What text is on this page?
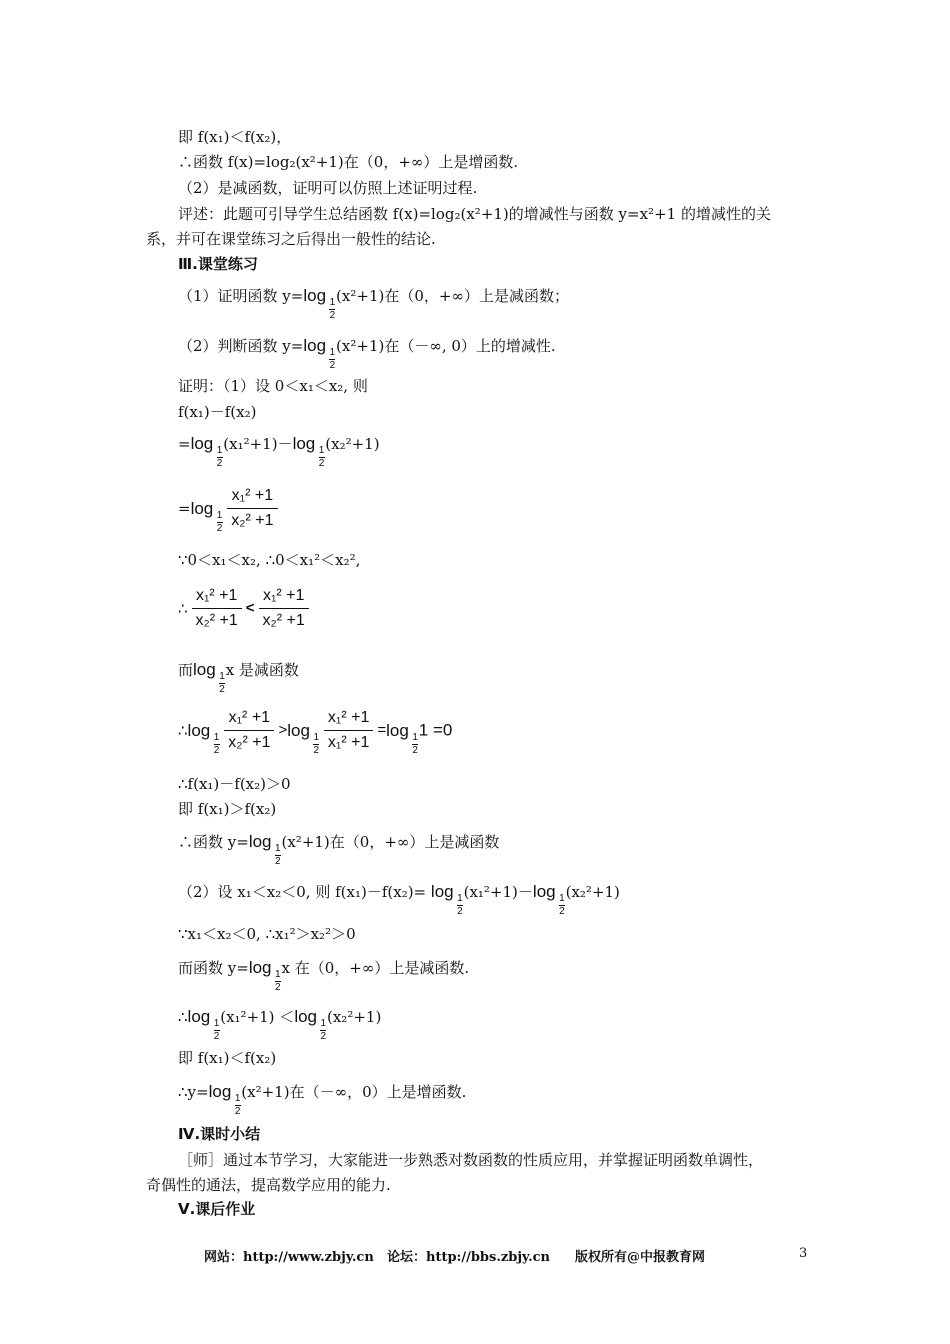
即 f(x₁)＜f(x₂)，
∴函数 f(x)=log₂(x²+1)在（0，+∞）上是增函数.
（2）是减函数，证明可以仿照上述证明过程.
评述：此题可引导学生总结函数 f(x)=log₂(x²+1)的增减性与函数 y=x²+1 的增减性的关
系，并可在课堂练习之后得出一般性的结论.
Ⅲ.课堂练习
（1）证明函数 y=log 1
2
(x²+1)在（0，+∞）上是减函数；
（2）判断函数 y=log 1
2
(x²+1)在（－∞, 0）上的增减性.
证明：（1）设 0＜x₁＜x₂, 则
f(x₁)－f(x₂)
=log 1
2
(x₁²+1)－log 1
2
(x₂²+1)
=log 1
$2 \frac{\text{x₁² +1}}{\text{x₂² +1}}$
∵0＜x₁＜x₂, ∴0＜x₁²＜x₂²,
∴ $\frac{\text{x₁² +1}}{\text{x₂² +1}} < \frac{\text{x₁² +1}}{\text{x₂² +1}}$
而log 1
2
x 是减函数
∴log 1
$2 \frac{\text{x₁² +1}}{\text{x₂² +1}} >\log$ 1
$2 \frac{\text{x₁² +1}}{\text{x₁² +1}} =\log$ 1
2
1 =0
∴f(x₁)－f(x₂)＞0
即 f(x₁)＞f(x₂)
∴函数 y=log 1
2
(x²+1)在（0，+∞）上是减函数
（2）设 x₁＜x₂＜0, 则 f(x₁)－f(x₂)= log 1
2
(x₁²+1)－log 1
2
(x₂²+1)
∵x₁＜x₂＜0, ∴x₁²＞x₂²＞0
而函数 y=log 1
2
x 在（0，+∞）上是减函数.
∴log 1
2
(x₁²+1) ＜log 1
2
(x₂²+1)
即 f(x₁)＜f(x₂)
∴y=log 1
2
(x²+1)在（－∞，0）上是增函数.
Ⅳ.课时小结
［师］通过本节学习，大家能进一步熟悉对数函数的性质应用，并掌握证明函数单调性，
奇偶性的通法，提高数学应用的能力.
Ⅴ.课后作业
网站：http://www.zbjy.cn 论坛：http://bbs.zbjy.cn 版权所有@中报教育网	3
